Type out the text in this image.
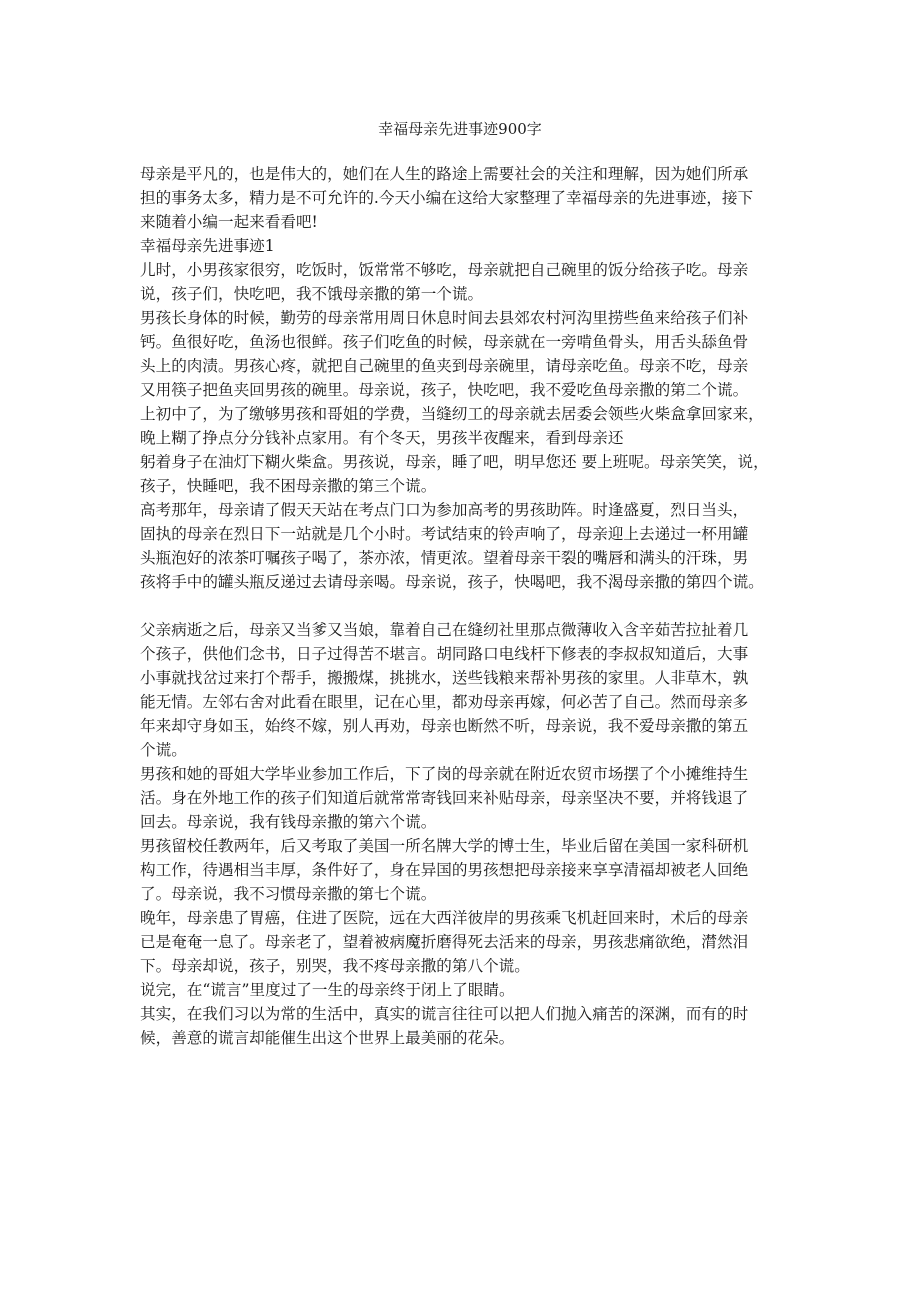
幸福母亲先进事迹900字
母亲是平凡的，也是伟大的，她们在人生的路途上需要社会的关注和理解，因为她们所承
担的事务太多，精力是不可允许的.今天小编在这给大家整理了幸福母亲的先进事迹，接下
来随着小编一起来看看吧!
幸福母亲先进事迹1
儿时，小男孩家很穷，吃饭时，饭常常不够吃，母亲就把自己碗里的饭分给孩子吃。母亲
说，孩子们，快吃吧，我不饿母亲撒的第一个谎。
男孩长身体的时候，勤劳的母亲常用周日休息时间去县郊农村河沟里捞些鱼来给孩子们补
钙。鱼很好吃，鱼汤也很鲜。孩子们吃鱼的时候，母亲就在一旁啃鱼骨头，用舌头舔鱼骨
头上的肉渍。男孩心疼，就把自己碗里的鱼夹到母亲碗里，请母亲吃鱼。母亲不吃，母亲
又用筷子把鱼夹回男孩的碗里。母亲说，孩子，快吃吧，我不爱吃鱼母亲撒的第二个谎。
上初中了，为了缴够男孩和哥姐的学费，当缝纫工的母亲就去居委会领些火柴盒拿回家来，
晚上糊了挣点分分钱补点家用。有个冬天，男孩半夜醒来，看到母亲还
躬着身子在油灯下糊火柴盒。男孩说，母亲，睡了吧，明早您还 要上班呢。母亲笑笑，说，
孩子，快睡吧，我不困母亲撒的第三个谎。
高考那年，母亲请了假天天站在考点门口为参加高考的男孩助阵。时逢盛夏，烈日当头，
固执的母亲在烈日下一站就是几个小时。考试结束的铃声响了，母亲迎上去递过一杯用罐
头瓶泡好的浓茶叮嘱孩子喝了，茶亦浓，情更浓。望着母亲干裂的嘴唇和满头的汗珠，男
孩将手中的罐头瓶反递过去请母亲喝。母亲说，孩子，快喝吧，我不渴母亲撒的第四个谎。
父亲病逝之后，母亲又当爹又当娘，靠着自己在缝纫社里那点微薄收入含辛茹苦拉扯着几
个孩子，供他们念书，日子过得苦不堪言。胡同路口电线杆下修表的李叔叔知道后，大事
小事就找岔过来打个帮手，搬搬煤，挑挑水，送些钱粮来帮补男孩的家里。人非草木，孰
能无情。左邻右舍对此看在眼里，记在心里，都劝母亲再嫁，何必苦了自己。然而母亲多
年来却守身如玉，始终不嫁，别人再劝，母亲也断然不听，母亲说，我不爱母亲撒的第五
个谎。
男孩和她的哥姐大学毕业参加工作后，下了岗的母亲就在附近农贸市场摆了个小摊维持生
活。身在外地工作的孩子们知道后就常常寄钱回来补贴母亲，母亲坚决不要，并将钱退了
回去。母亲说，我有钱母亲撒的第六个谎。
男孩留校任教两年，后又考取了美国一所名牌大学的博士生，毕业后留在美国一家科研机
构工作，待遇相当丰厚，条件好了，身在异国的男孩想把母亲接来享享清福却被老人回绝
了。母亲说，我不习惯母亲撒的第七个谎。
晚年，母亲患了胃癌，住进了医院，远在大西洋彼岸的男孩乘飞机赶回来时，术后的母亲
已是奄奄一息了。母亲老了，望着被病魔折磨得死去活来的母亲，男孩悲痛欲绝，潸然泪
下。母亲却说，孩子，别哭，我不疼母亲撒的第八个谎。
说完，在“谎言”里度过了一生的母亲终于闭上了眼睛。
其实，在我们习以为常的生活中，真实的谎言往往可以把人们抛入痛苦的深渊，而有的时
候，善意的谎言却能催生出这个世界上最美丽的花朵。
